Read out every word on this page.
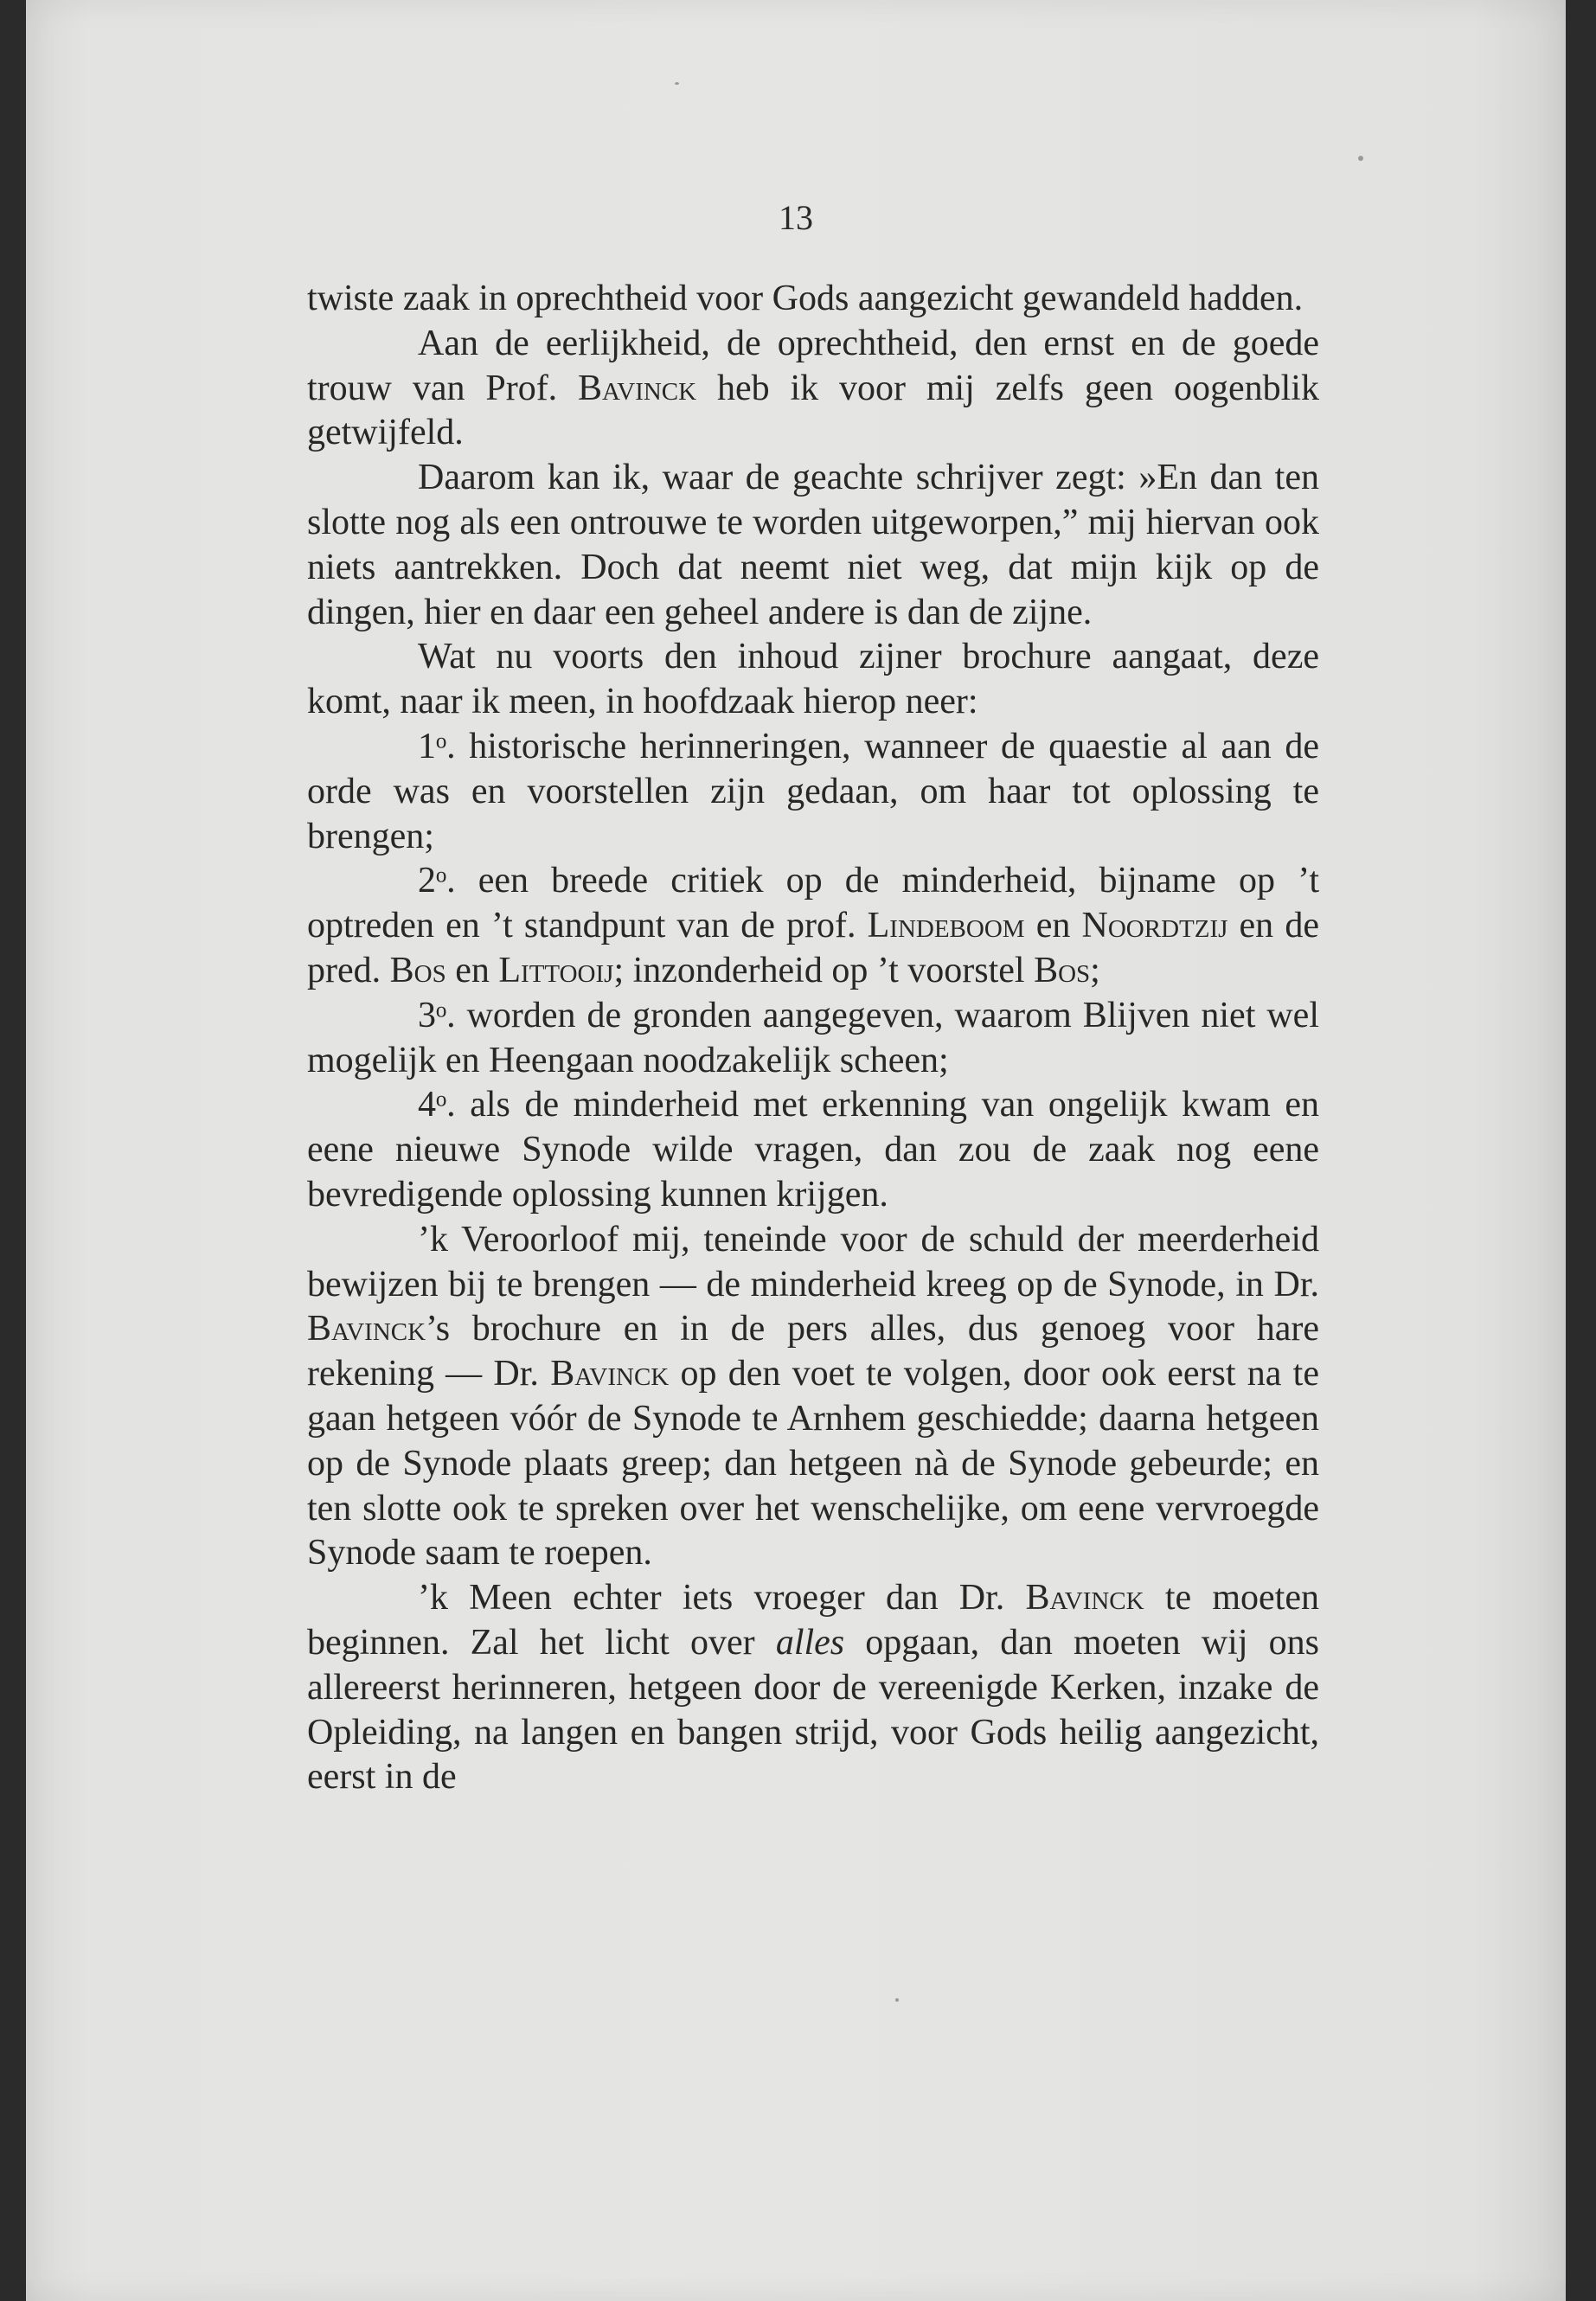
13

twiste zaak in oprechtheid voor Gods aangezicht gewandeld hadden.

Aan de eerlijkheid, de oprechtheid, den ernst en de goede trouw van Prof. Bavinck heb ik voor mij zelfs geen oogenblik getwijfeld.

Daarom kan ik, waar de geachte schrijver zegt: »En dan ten slotte nog als een ontrouwe te worden uitgeworpen,” mij hiervan ook niets aantrekken. Doch dat neemt niet weg, dat mijn kijk op de dingen, hier en daar een geheel andere is dan de zijne.

Wat nu voorts den inhoud zijner brochure aangaat, deze komt, naar ik meen, in hoofdzaak hierop neer:

1ᵒ. historische herinneringen, wanneer de quaestie al aan de orde was en voorstellen zijn gedaan, om haar tot oplossing te brengen;

2ᵒ. een breede critiek op de minderheid, bijname op ’t optreden en ’t standpunt van de prof. Lindeboom en Noordtzij en de pred. Bos en Littooij; inzonderheid op ’t voorstel Bos;

3ᵒ. worden de gronden aangegeven, waarom Blijven niet wel mogelijk en Heengaan noodzakelijk scheen;

4ᵒ. als de minderheid met erkenning van ongelijk kwam en eene nieuwe Synode wilde vragen, dan zou de zaak nog eene bevredigende oplossing kunnen krijgen.

’k Veroorloof mij, teneinde voor de schuld der meerderheid bewijzen bij te brengen — de minderheid kreeg op de Synode, in Dr. Bavinck’s brochure en in de pers alles, dus genoeg voor hare rekening — Dr. Bavinck op den voet te volgen, door ook eerst na te gaan hetgeen vóór de Synode te Arnhem geschiedde; daarna hetgeen op de Synode plaats greep; dan hetgeen nà de Synode gebeurde; en ten slotte ook te spreken over het wenschelijke, om eene vervroegde Synode saam te roepen.

’k Meen echter iets vroeger dan Dr. Bavinck te moeten beginnen. Zal het licht over alles opgaan, dan moeten wij ons allereerst herinneren, hetgeen door de vereenigde Kerken, inzake de Opleiding, na langen en bangen strijd, voor Gods heilig aangezicht, eerst in de
